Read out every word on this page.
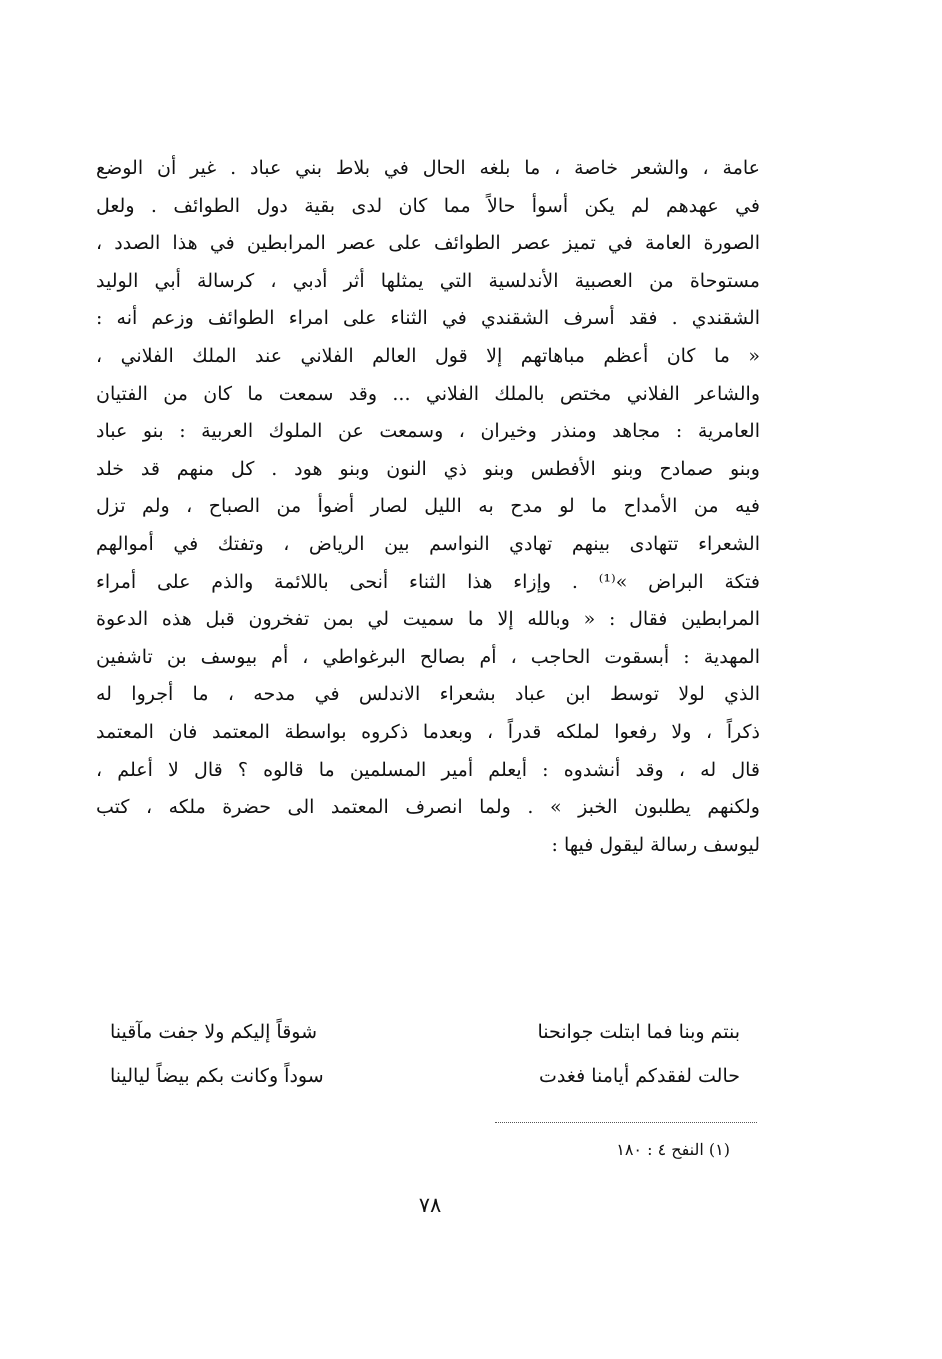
عامة ، والشعر خاصة ، ما بلغه الحال في بلاط بني عباد . غير أن الوضع
في عهدهم لم يكن أسوأ حالاً مما كان لدى بقية دول الطوائف . ولعل
الصورة العامة في تميز عصر الطوائف على عصر المرابطين في هذا الصدد ،
مستوحاة من العصبية الأندلسية التي يمثلها أثر أدبي ، كرسالة أبي الوليد
الشقندي . فقد أسرف الشقندي في الثناء على امراء الطوائف وزعم أنه :
« ما كان أعظم مباهاتهم إلا قول العالم الفلاني عند الملك الفلاني ،
والشاعر الفلاني مختص بالملك الفلاني ... وقد سمعت ما كان من الفتيان
العامرية : مجاهد ومنذر وخيران ، وسمعت عن الملوك العربية : بنو عباد
وبنو صمادح وبنو الأفطس وبنو ذي النون وبنو هود . كل منهم قد خلد
فيه من الأمداح ما لو مدح به الليل لصار أضوأ من الصباح ، ولم تزل
الشعراء تتهادى بينهم تهادي النواسم بين الرياض ، وتفتك في أموالهم
فتكة البراض »⁽¹⁾ . وإزاء هذا الثناء أنحى باللائمة والذم على أمراء
المرابطين فقال : « وبالله إلا ما سميت لي بمن تفخرون قبل هذه الدعوة
المهدية : أبسقوت الحاجب ، أم بصالح البرغواطي ، أم بيوسف بن تاشفين
الذي لولا توسط ابن عباد بشعراء الاندلس في مدحه ، ما أجروا له
ذكراً ، ولا رفعوا لملكه قدراً ، وبعدما ذكروه بواسطة المعتمد فان المعتمد
قال له ، وقد أنشدوه : أيعلم أمير المسلمين ما قالوه ؟ قال لا أعلم ،
ولكنهم يطلبون الخبز » . ولما انصرف المعتمد الى حضرة ملكه ، كتب
ليوسف رسالة ليقول فيها :
بنتم وبنا فما ابتلت جوانحنا
شوقاً إليكم ولا جفت مآقينا
حالت لفقدكم أيامنا فغدت
سوداً وكانت بكم بيضاً ليالينا
(١) النفح ٤ : ١٨٠
٧٨
